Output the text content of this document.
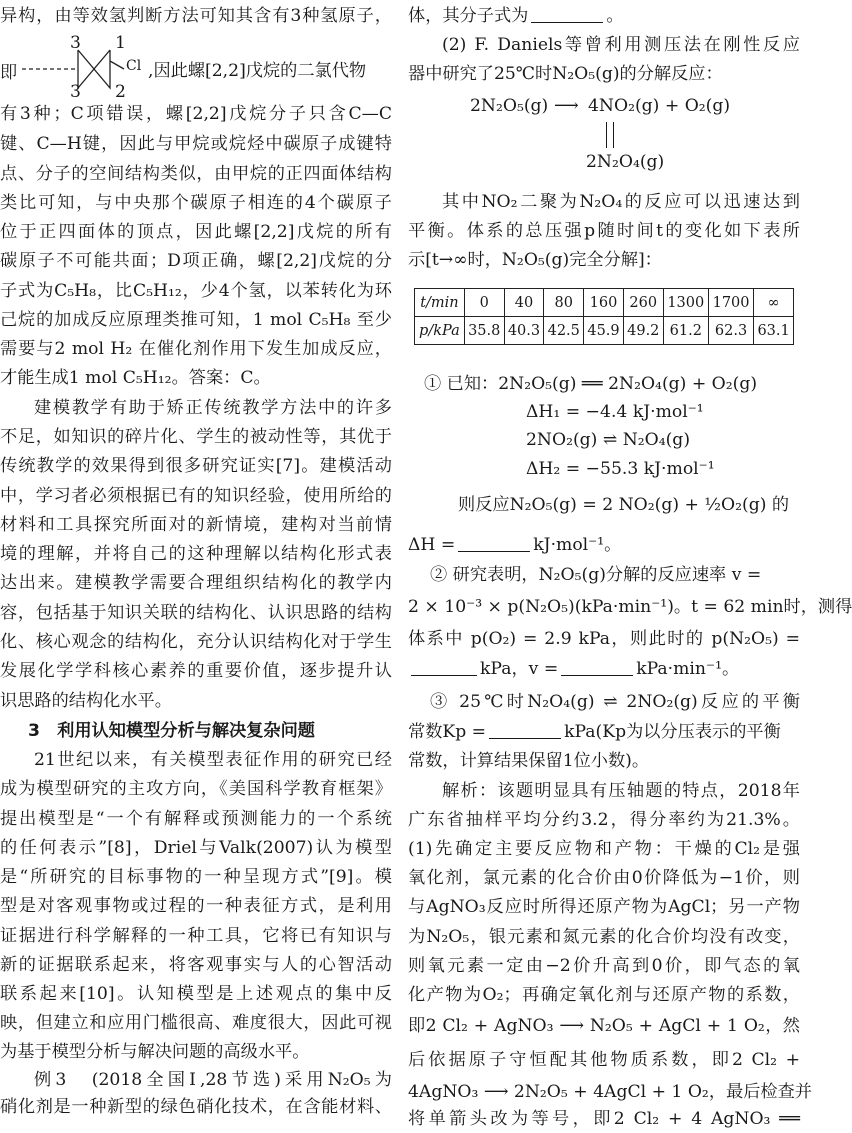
异构，由等效氢判断方法可知其含有3种氢原子，
即
3 1
3 2
Cl ,因此螺[2,2]戊烷的二氯代物
有3种；C项错误，螺[2,2]戊烷分子只含C—C
键、C—H键，因此与甲烷或烷烃中碳原子成键特
点、分子的空间结构类似，由甲烷的正四面体结构
类比可知，与中央那个碳原子相连的4个碳原子
位于正四面体的顶点，因此螺[2,2]戊烷的所有
碳原子不可能共面；D项正确，螺[2,2]戊烷的分
子式为C₅H₈，比C₅H₁₂，少4个氢，以苯转化为环
己烷的加成反应原理类推可知，1 mol C₅H₈ 至少
需要与2 mol H₂ 在催化剂作用下发生加成反应，
才能生成1 mol C₅H₁₂。答案：C。
建模教学有助于矫正传统教学方法中的许多
不足，如知识的碎片化、学生的被动性等，其优于
传统教学的效果得到很多研究证实[7]。建模活动
中，学习者必须根据已有的知识经验，使用所给的
材料和工具探究所面对的新情境，建构对当前情
境的理解，并将自己的这种理解以结构化形式表
达出来。建模教学需要合理组织结构化的教学内
容，包括基于知识关联的结构化、认识思路的结构
化、核心观念的结构化，充分认识结构化对于学生
发展化学学科核心素养的重要价值，逐步提升认
识思路的结构化水平。
3　利用认知模型分析与解决复杂问题
21世纪以来，有关模型表征作用的研究已经
成为模型研究的主攻方向，《美国科学教育框架》
提出模型是“一个有解释或预测能力的一个系统
的任何表示”[8]，Driel与Valk(2007)认为模型
是“所研究的目标事物的一种呈现方式”[9]。模
型是对客观事物或过程的一种表征方式，是利用
证据进行科学解释的一种工具，它将已有知识与
新的证据联系起来，将客观事实与人的心智活动
联系起来[10]。认知模型是上述观点的集中反
映，但建立和应用门槛很高、难度很大，因此可视
为基于模型分析与解决问题的高级水平。
例3　(2018全国Ⅰ,28节选)采用N₂O₅为
硝化剂是一种新型的绿色硝化技术，在含能材料、
体，其分子式为	。
(2) F. Daniels等曾利用测压法在刚性反应
器中研究了25℃时N₂O₅(g)的分解反应：
2N₂O₅(g) ⟶ 4NO₂(g) + O₂(g)
2N₂O₄(g)
其中NO₂二聚为N₂O₄的反应可以迅速达到
平衡。体系的总压强p随时间t的变化如下表所
示[t→∞时，N₂O₅(g)完全分解]：
t/min	0	40	80	160	260	1300	1700	∞
p/kPa	35.8	40.3	42.5	45.9	49.2	61.2	62.3	63.1
① 已知：2N₂O₅(g) ══ 2N₂O₄(g) + O₂(g)
ΔH₁ = −4.4 kJ·mol⁻¹
2NO₂(g) ⇌ N₂O₄(g)
ΔH₂ = −55.3 kJ·mol⁻¹
则反应N₂O₅(g) = 2 NO₂(g) + ½O₂(g) 的
ΔH =	kJ·mol⁻¹。
② 研究表明，N₂O₅(g)分解的反应速率 v =
2 × 10⁻³ × p(N₂O₅)(kPa·min⁻¹)。t = 62 min时，测得
体系中 p(O₂) = 2.9 kPa，则此时的 p(N₂O₅) =
kPa，v =	kPa·min⁻¹。
③ 25℃时N₂O₄(g) ⇌ 2NO₂(g)反应的平衡
常数Kp =	kPa(Kp为以分压表示的平衡
常数，计算结果保留1位小数)。
解析：该题明显具有压轴题的特点，2018年
广东省抽样平均分约3.2，得分率约为21.3%。
(1)先确定主要反应物和产物：干燥的Cl₂是强
氧化剂，氯元素的化合价由0价降低为−1价，则
与AgNO₃反应时所得还原产物为AgCl；另一产物
为N₂O₅，银元素和氮元素的化合价均没有改变，
则氧元素一定由−2价升高到0价，即气态的氧
化产物为O₂；再确定氧化剂与还原产物的系数，
即2 Cl₂ + AgNO₃ ⟶ N₂O₅ + AgCl + 1 O₂，然
后依据原子守恒配其他物质系数，即2 Cl₂ +
4AgNO₃ ⟶ 2N₂O₅ + 4AgCl + 1 O₂，最后检查并
将单箭头改为等号，即2 Cl₂ + 4 AgNO₃ ══
